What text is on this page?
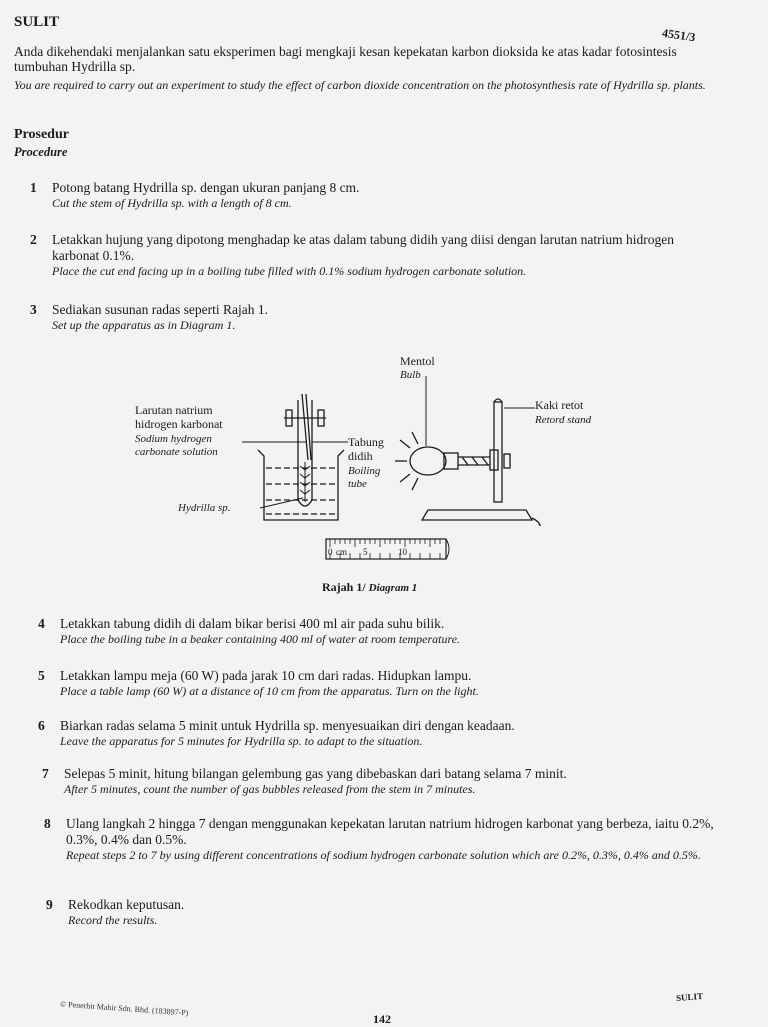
SULIT
4551/3
Anda dikehendaki menjalankan satu eksperimen bagi mengkaji kesan kepekatan karbon dioksida ke atas kadar fotosintesis tumbuhan Hydrilla sp.
You are required to carry out an experiment to study the effect of carbon dioxide concentration on the photosynthesis rate of Hydrilla sp. plants.
Prosedur
Procedure
1 Potong batang Hydrilla sp. dengan ukuran panjang 8 cm.
Cut the stem of Hydrilla sp. with a length of 8 cm.
2 Letakkan hujung yang dipotong menghadap ke atas dalam tabung didih yang diisi dengan larutan natrium hidrogen karbonat 0.1%.
Place the cut end facing up in a boiling tube filled with 0.1% sodium hydrogen carbonate solution.
3 Sediakan susunan radas seperti Rajah 1.
Set up the apparatus as in Diagram 1.
Mentol
Bulb
Kaki retot
Retord stand
Larutan natrium
hidrogen karbonat
Sodium hydrogen
carbonate solution
Tabung
didih
Boiling
tube
Hydrilla sp.
0 cm 5	10
Rajah 1/ Diagram 1
4 Letakkan tabung didih di dalam bikar berisi 400 ml air pada suhu bilik.
Place the boiling tube in a beaker containing 400 ml of water at room temperature.
5 Letakkan lampu meja (60 W) pada jarak 10 cm dari radas. Hidupkan lampu.
Place a table lamp (60 W) at a distance of 10 cm from the apparatus. Turn on the light.
6 Biarkan radas selama 5 minit untuk Hydrilla sp. menyesuaikan diri dengan keadaan.
Leave the apparatus for 5 minutes for Hydrilla sp. to adapt to the situation.
7 Selepas 5 minit, hitung bilangan gelembung gas yang dibebaskan dari batang selama 7 minit.
After 5 minutes, count the number of gas bubbles released from the stem in 7 minutes.
8 Ulang langkah 2 hingga 7 dengan menggunakan kepekatan larutan natrium hidrogen karbonat yang berbeza, iaitu 0.2%, 0.3%, 0.4% dan 0.5%.
Repeat steps 2 to 7 by using different concentrations of sodium hydrogen carbonate solution which are 0.2%, 0.3%, 0.4% and 0.5%.
9 Rekodkan keputusan.
Record the results.
© Penerbit Mahir Sdn. Bhd. (183897-P)
142
SULIT
